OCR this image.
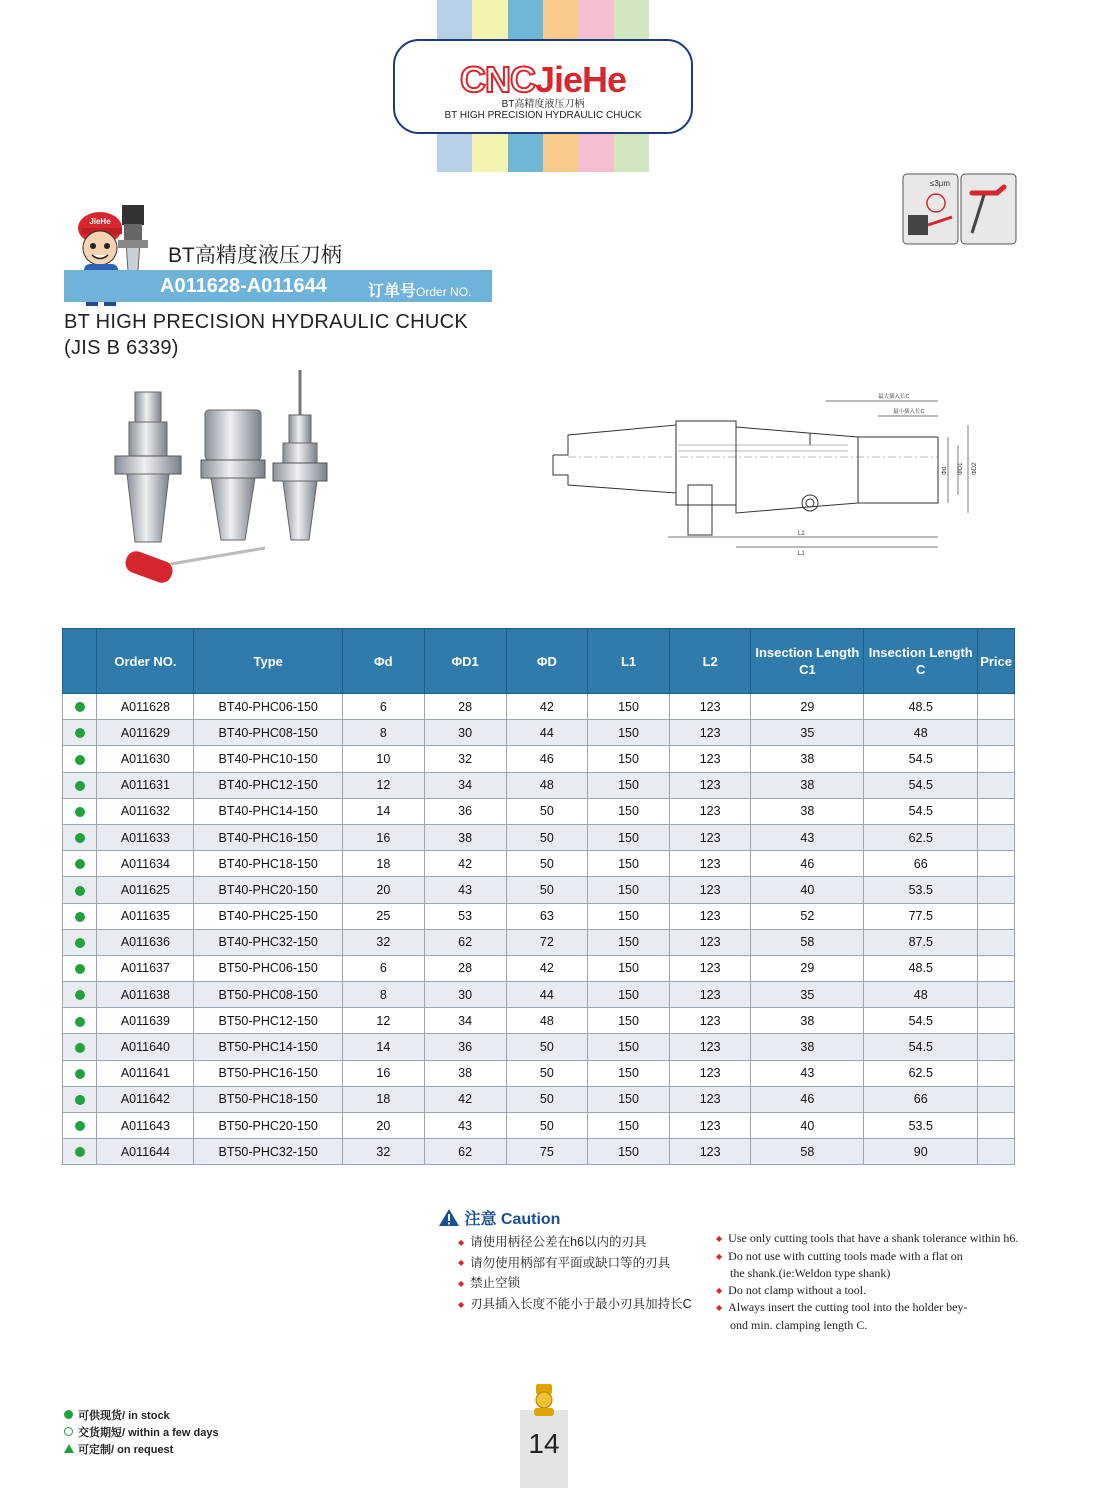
CNCJieHe
BT高精度液压刀柄
BT HIGH PRECISION HYDRAULIC CHUCK
JieHe
BT高精度液压刀柄
A011628-A011644	订单号Order NO.
BT HIGH PRECISION HYDRAULIC CHUCK
(JIS B 6339)
≤3μm
最大插入长C
最小插入长C
L2
L1
Φd ΦD1 ΦD2
	Order NO.	Type	Φd	ΦD1	ΦD	L1	L2	Insection Length C1	Insection Length C	Price
	A011628	BT40-PHC06-150	6	28	42	150	123	29	48.5	
	A011629	BT40-PHC08-150	8	30	44	150	123	35	48	
	A011630	BT40-PHC10-150	10	32	46	150	123	38	54.5	
	A011631	BT40-PHC12-150	12	34	48	150	123	38	54.5	
	A011632	BT40-PHC14-150	14	36	50	150	123	38	54.5	
	A011633	BT40-PHC16-150	16	38	50	150	123	43	62.5	
	A011634	BT40-PHC18-150	18	42	50	150	123	46	66	
	A011625	BT40-PHC20-150	20	43	50	150	123	40	53.5	
	A011635	BT40-PHC25-150	25	53	63	150	123	52	77.5	
	A011636	BT40-PHC32-150	32	62	72	150	123	58	87.5	
	A011637	BT50-PHC06-150	6	28	42	150	123	29	48.5	
	A011638	BT50-PHC08-150	8	30	44	150	123	35	48	
	A011639	BT50-PHC12-150	12	34	48	150	123	38	54.5	
	A011640	BT50-PHC14-150	14	36	50	150	123	38	54.5	
	A011641	BT50-PHC16-150	16	38	50	150	123	43	62.5	
	A011642	BT50-PHC18-150	18	42	50	150	123	46	66	
	A011643	BT50-PHC20-150	20	43	50	150	123	40	53.5	
	A011644	BT50-PHC32-150	32	62	75	150	123	58	90	
注意 Caution
◆ 请使用柄径公差在h6以内的刃具
◆ 请勿使用柄部有平面或缺口等的刃具
◆ 禁止空锁
◆ 刃具插入长度不能小于最小刃具加持长C
◆ Use only cutting tools that have a shank tolerance within h6.
◆ Do not use with cutting tools made with a flat on
the shank.(ie:Weldon type shank)
◆ Do not clamp without a tool.
◆ Always insert the cutting tool into the holder bey-
ond min. clamping length C.
可供现货/ in stock
交货期短/ within a few days
可定制/ on request	14
